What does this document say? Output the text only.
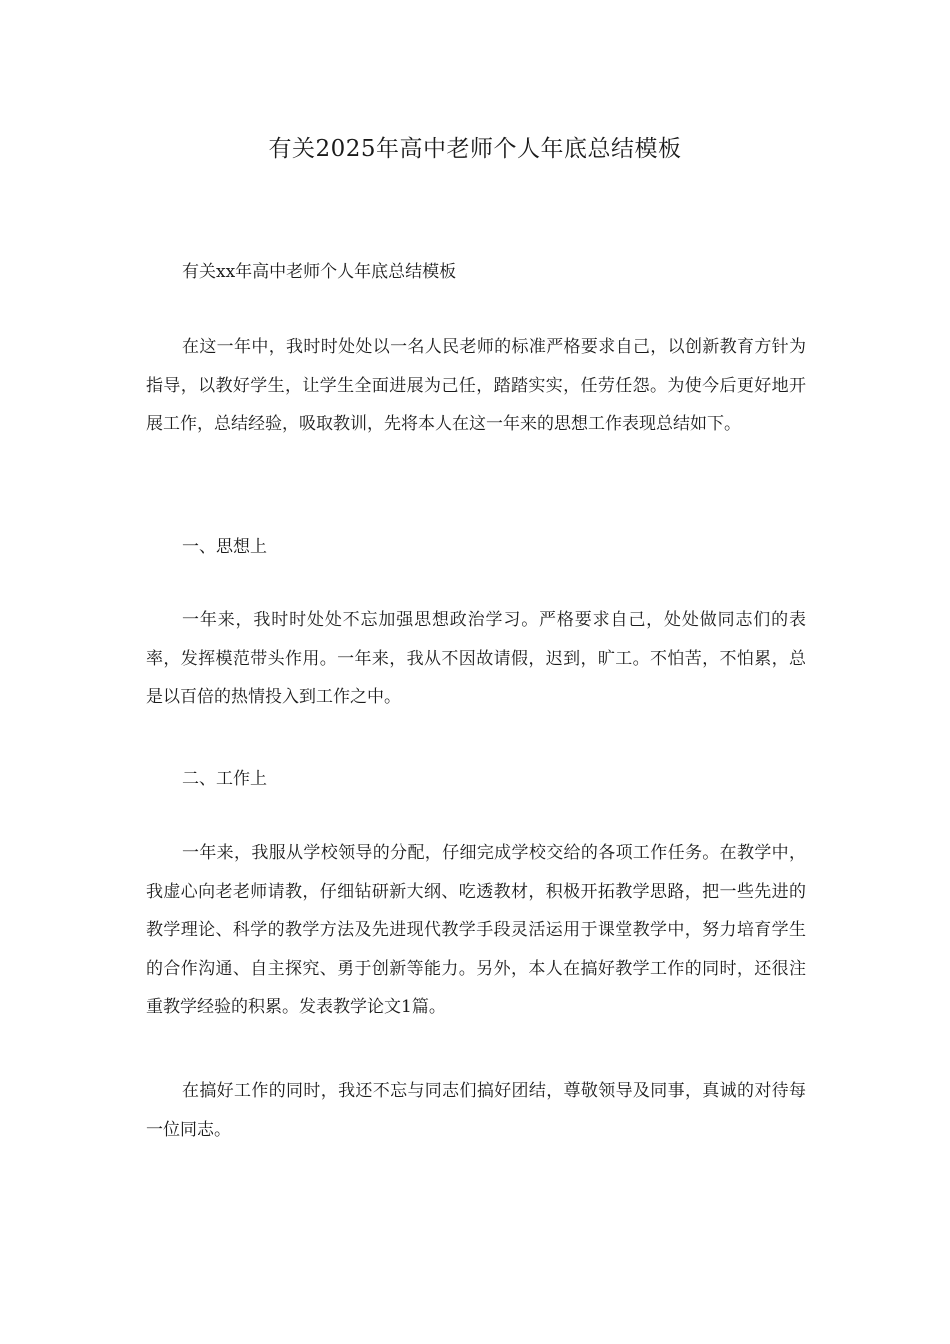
有关2025年高中老师个人年底总结模板

有关xx年高中老师个人年底总结模板

在这一年中，我时时处处以一名人民老师的标准严格要求自己，以创新教育方针为指导，以教好学生，让学生全面进展为己任，踏踏实实，任劳任怨。为使今后更好地开展工作，总结经验，吸取教训，先将本人在这一年来的思想工作表现总结如下。

一、思想上

一年来，我时时处处不忘加强思想政治学习。严格要求自己，处处做同志们的表率，发挥模范带头作用。一年来，我从不因故请假，迟到，旷工。不怕苦，不怕累，总是以百倍的热情投入到工作之中。

二、工作上

一年来，我服从学校领导的分配，仔细完成学校交给的各项工作任务。在教学中，我虚心向老老师请教，仔细钻研新大纲、吃透教材，积极开拓教学思路，把一些先进的教学理论、科学的教学方法及先进现代教学手段灵活运用于课堂教学中，努力培育学生的合作沟通、自主探究、勇于创新等能力。另外，本人在搞好教学工作的同时，还很注重教学经验的积累。发表教学论文1篇。

在搞好工作的同时，我还不忘与同志们搞好团结，尊敬领导及同事，真诚的对待每一位同志。
